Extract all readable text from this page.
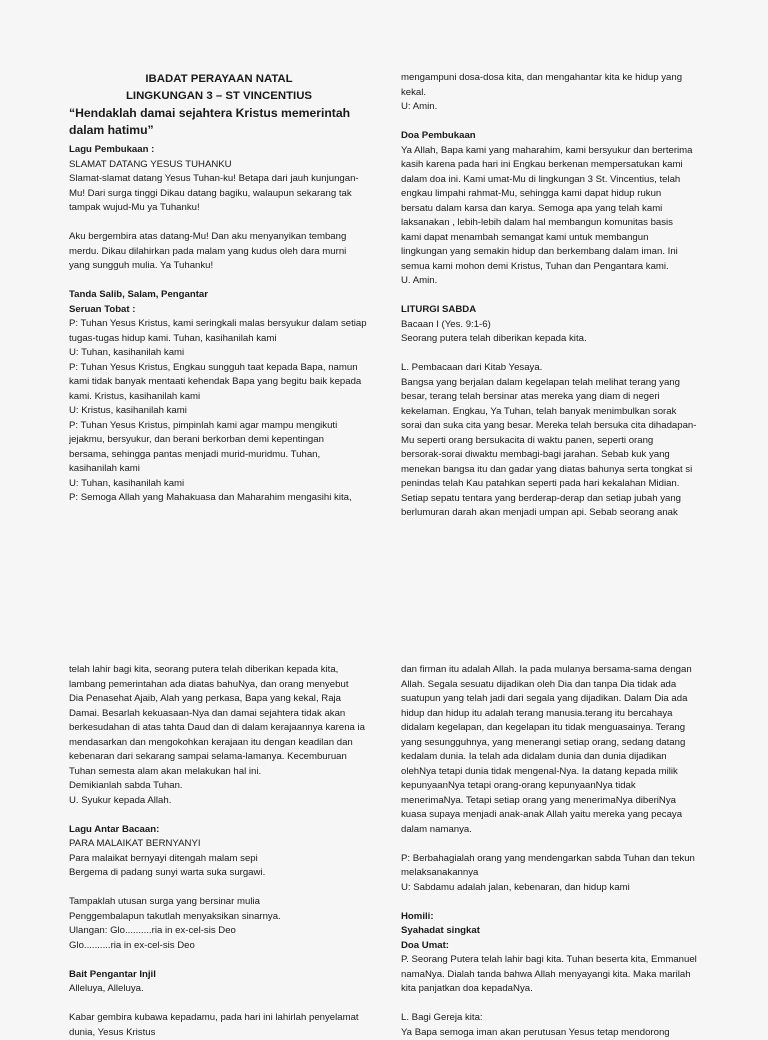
IBADAT PERAYAAN NATAL
LINGKUNGAN 3 – ST VINCENTIUS
“Hendaklah damai sejahtera Kristus memerintah
dalam hatimu”
Lagu Pembukaan :
SLAMAT DATANG YESUS TUHANKU
Slamat-slamat datang Yesus Tuhan-ku! Betapa dari jauh kunjungan-
Mu! Dari surga tinggi Dikau datang bagiku, walaupun sekarang tak
tampak wujud-Mu ya Tuhanku!
Aku bergembira atas datang-Mu! Dan aku menyanyikan tembang
merdu. Dikau dilahirkan pada malam yang kudus oleh dara murni
yang sungguh mulia. Ya Tuhanku!
Tanda Salib, Salam, Pengantar
Seruan Tobat :
P: Tuhan Yesus Kristus, kami seringkali malas bersyukur dalam setiap
tugas-tugas hidup kami. Tuhan, kasihanilah kami
U: Tuhan, kasihanilah kami
P: Tuhan Yesus Kristus, Engkau sungguh taat kepada Bapa, namun
kami tidak banyak mentaati kehendak Bapa yang begitu baik kepada
kami. Kristus, kasihanilah kami
U: Kristus, kasihanilah kami
P: Tuhan Yesus Kristus, pimpinlah kami agar mampu mengikuti
jejakmu, bersyukur, dan berani berkorban demi kepentingan
bersama, sehingga pantas menjadi murid-muridmu. Tuhan,
kasihanilah kami
U: Tuhan, kasihanilah kami
P: Semoga Allah yang Mahakuasa dan Maharahim mengasihi kita,
mengampuni dosa-dosa kita, dan mengahantar kita ke hidup yang
kekal.
U: Amin.
Doa Pembukaan
Ya Allah, Bapa kami yang maharahim, kami bersyukur dan berterima
kasih karena pada hari ini Engkau berkenan mempersatukan kami
dalam doa ini. Kami umat-Mu di lingkungan 3 St. Vincentius, telah
engkau limpahi rahmat-Mu, sehingga kami dapat hidup rukun
bersatu dalam karsa dan karya. Semoga apa yang telah kami
laksanakan , lebih-lebih dalam hal membangun komunitas basis
kami dapat menambah semangat kami untuk membangun
lingkungan yang semakin hidup dan berkembang dalam iman. Ini
semua kami mohon demi Kristus, Tuhan dan Pengantara kami.
U. Amin.
LITURGI SABDA
Bacaan I (Yes. 9:1-6)
Seorang putera telah diberikan kepada kita.
L. Pembacaan dari Kitab Yesaya.
Bangsa yang berjalan dalam kegelapan telah melihat terang yang
besar, terang telah bersinar atas mereka yang diam di negeri
kekelaman. Engkau, Ya Tuhan, telah banyak menimbulkan sorak
sorai dan suka cita yang besar. Mereka telah bersuka cita dihadapan-
Mu seperti orang bersukacita di waktu panen, seperti orang
bersorak-sorai diwaktu membagi-bagi jarahan. Sebab kuk yang
menekan bangsa itu dan gadar yang diatas bahunya serta tongkat si
penindas telah Kau patahkan seperti pada hari kekalahan Midian.
Setiap sepatu tentara yang berderap-derap dan setiap jubah yang
berlumuran darah akan menjadi umpan api. Sebab seorang anak
telah lahir bagi kita, seorang putera telah diberikan kepada kita,
lambang pemerintahan ada diatas bahuNya, dan orang menyebut
Dia Penasehat Ajaib, Alah yang perkasa, Bapa yang kekal, Raja
Damai. Besarlah kekuasaan-Nya dan damai sejahtera tidak akan
berkesudahan di atas tahta Daud dan di dalam kerajaannya karena ia
mendasarkan dan mengokohkan kerajaan itu dengan keadilan dan
kebenaran dari sekarang sampai selama-lamanya. Kecemburuan
Tuhan semesta alam akan melakukan hal ini.
Demikianlah sabda Tuhan.
U. Syukur kepada Allah.
Lagu Antar Bacaan:
PARA MALAIKAT BERNYANYI
Para malaikat bernyayi ditengah malam sepi
Bergema di padang sunyi warta suka surgawi.
Tampaklah utusan surga yang bersinar mulia
Penggembalapun takutlah menyaksikan sinarnya.
Ulangan: Glo..........ria in ex-cel-sis Deo
Glo..........ria in ex-cel-sis Deo
Bait Pengantar Injil
Alleluya, Alleluya.
Kabar gembira kubawa kepadamu, pada hari ini lahirlah penyelamat
dunia, Yesus Kristus
dan firman itu adalah Allah. Ia pada mulanya bersama-sama dengan
Allah. Segala sesuatu dijadikan oleh Dia dan tanpa Dia tidak ada
suatupun yang telah jadi dari segala yang dijadikan. Dalam Dia ada
hidup dan hidup itu adalah terang manusia.terang itu bercahaya
didalam kegelapan, dan kegelapan itu tidak menguasainya. Terang
yang sesungguhnya, yang menerangi setiap orang, sedang datang
kedalam dunia. Ia telah ada didalam dunia dan dunia dijadikan
olehNya tetapi dunia tidak mengenal-Nya. Ia datang kepada milik
kepunyaanNya tetapi orang-orang kepunyaanNya tidak
menerimaNya. Tetapi setiap orang yang menerimaNya diberiNya
kuasa supaya menjadi anak-anak Allah yaitu mereka yang pecaya
dalam namanya.
P: Berbahagialah orang yang mendengarkan sabda Tuhan dan tekun
melaksanakannya
U: Sabdamu adalah jalan, kebenaran, dan hidup kami
Homili:
Syahadat singkat
Doa Umat:
P. Seorang Putera telah lahir bagi kita. Tuhan beserta kita, Emmanuel
namaNya. Dialah tanda bahwa Allah menyayangi kita. Maka marilah
kita panjatkan doa kepadaNya.
L. Bagi Gereja kita:
Ya Bapa semoga iman akan perutusan Yesus tetap mendorong
